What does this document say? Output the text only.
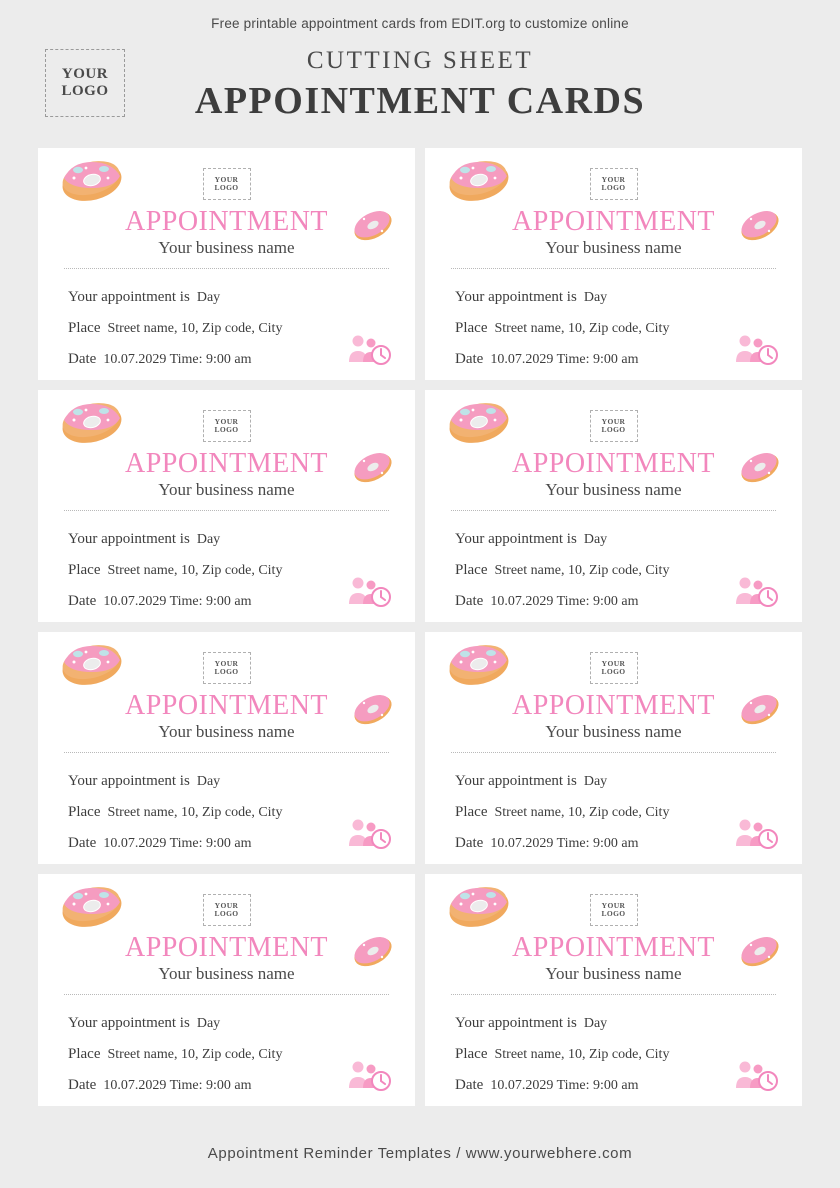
Free printable appointment cards from EDIT.org to customize online
YOUR
LOGO
CUTTING SHEET
APPOINTMENT CARDS
YOUR
LOGO
APPOINTMENT
Your business name
Your appointment is Day
Place Street name, 10, Zip code, City
Date 10.07.2029 Time: 9:00 am
YOUR
LOGO
APPOINTMENT
Your business name
Your appointment is Day
Place Street name, 10, Zip code, City
Date 10.07.2029 Time: 9:00 am
YOUR
LOGO
APPOINTMENT
Your business name
Your appointment is Day
Place Street name, 10, Zip code, City
Date 10.07.2029 Time: 9:00 am
YOUR
LOGO
APPOINTMENT
Your business name
Your appointment is Day
Place Street name, 10, Zip code, City
Date 10.07.2029 Time: 9:00 am
YOUR
LOGO
APPOINTMENT
Your business name
Your appointment is Day
Place Street name, 10, Zip code, City
Date 10.07.2029 Time: 9:00 am
YOUR
LOGO
APPOINTMENT
Your business name
Your appointment is Day
Place Street name, 10, Zip code, City
Date 10.07.2029 Time: 9:00 am
YOUR
LOGO
APPOINTMENT
Your business name
Your appointment is Day
Place Street name, 10, Zip code, City
Date 10.07.2029 Time: 9:00 am
YOUR
LOGO
APPOINTMENT
Your business name
Your appointment is Day
Place Street name, 10, Zip code, City
Date 10.07.2029 Time: 9:00 am
Appointment Reminder Templates / www.yourwebhere.com
